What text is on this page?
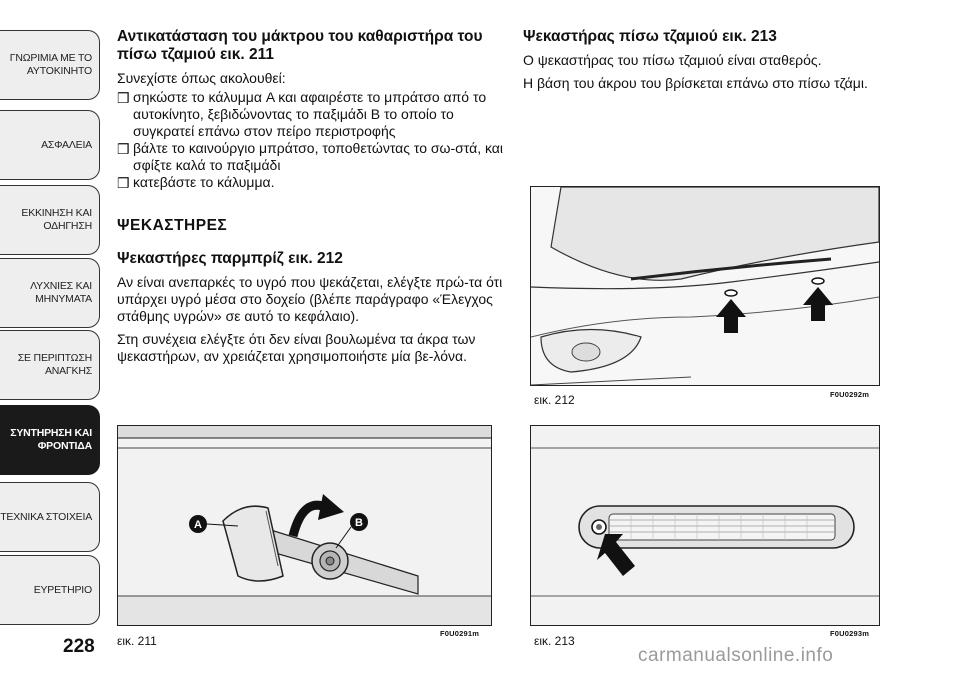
ΓΝΩΡΙΜΙΑ ΜΕ ΤΟ
ΑΥΤΟΚΙΝΗΤΟ
ΑΣΦΑΛΕΙΑ
ΕΚΚΙΝΗΣΗ ΚΑΙ
ΟΔΗΓΗΣΗ
ΛΥΧΝΙΕΣ ΚΑΙ
ΜΗΝΥΜΑΤΑ
ΣΕ ΠΕΡΙΠΤΩΣΗ
ΑΝΑΓΚΗΣ
ΣΥΝΤΗΡΗΣΗ ΚΑΙ
ΦΡΟΝΤΙΔΑ
ΤΕΧΝΙΚΑ ΣΤΟΙΧΕΙΑ
ΕΥΡΕΤΗΡΙΟ
228
Αντικατάσταση του μάκτρου του καθαριστήρα του πίσω τζαμιού εικ. 211

Συνεχίστε όπως ακολουθεί:

❒ σηκώστε το κάλυμμα A και αφαιρέστε το μπράτσο από το αυτοκίνητο, ξεβιδώνοντας το παξιμάδι B το οποίο το συγκρατεί επάνω στον πείρο περιστροφής
❒ βάλτε το καινούργιο μπράτσο, τοποθετώντας το σω-στά, και σφίξτε καλά το παξιμάδι
❒ κατεβάστε το κάλυμμα.
ΨΕΚΑΣΤΗΡΕΣ
Ψεκαστήρες παρμπρίζ εικ. 212

Αν είναι ανεπαρκές το υγρό που ψεκάζεται, ελέγξτε πρώ-τα ότι υπάρχει υγρό μέσα στο δοχείο (βλέπε παράγραφο «Έλεγχος στάθμης υγρών» σε αυτό το κεφάλαιο).

Στη συνέχεια ελέγξτε ότι δεν είναι βουλωμένα τα άκρα των ψεκαστήρων, αν χρειάζεται χρησιμοποιήστε μία βε-λόνα.

Ψεκαστήρας πίσω τζαμιού εικ. 213

Ο ψεκαστήρας του πίσω τζαμιού είναι σταθερός.

Η βάση του άκρου του βρίσκεται επάνω στο πίσω τζάμι.

A	B
εικ. 211
F0U0291m
εικ. 212	F0U0292m
εικ. 213
F0U0293m
carmanualsonline.info
